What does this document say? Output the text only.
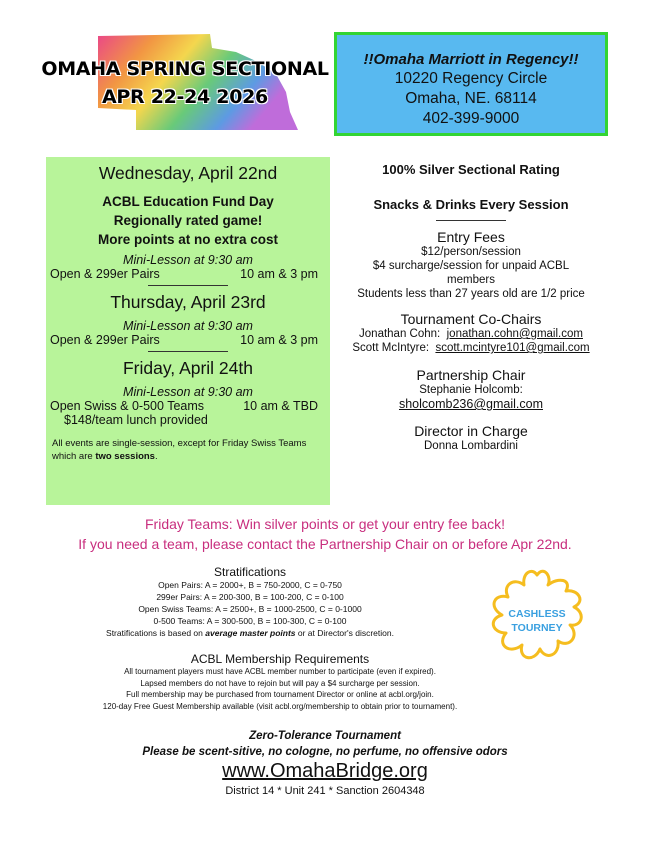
OMAHA SPRING SECTIONAL
APR 22-24 2026
!!Omaha Marriott in Regency!!
10220 Regency Circle
Omaha, NE. 68114
402-399-9000
Wednesday, April 22nd
ACBL Education Fund Day
Regionally rated game!
More points at no extra cost
Mini-Lesson at 9:30 am
Open & 299er Pairs	10 am & 3 pm
Thursday, April 23rd
Mini-Lesson at 9:30 am
Open & 299er Pairs	10 am & 3 pm
Friday, April 24th
Mini-Lesson at 9:30 am
Open Swiss & 0-500 Teams	10 am & TBD
$148/team lunch provided
All events are single-session, except for Friday Swiss Teams which are two sessions.
100% Silver Sectional Rating
Snacks & Drinks Every Session
Entry Fees
$12/person/session
$4 surcharge/session for unpaid ACBL members
Students less than 27 years old are 1/2 price
Tournament Co-Chairs
Jonathan Cohn: jonathan.cohn@gmail.com
Scott McIntyre: scott.mcintyre101@gmail.com
Partnership Chair
Stephanie Holcomb:
sholcomb236@gmail.com
Director in Charge
Donna Lombardini
Friday Teams: Win silver points or get your entry fee back!
If you need a team, please contact the Partnership Chair on or before Apr 22nd.
Stratifications
Open Pairs: A = 2000+, B = 750-2000, C = 0-750
299er Pairs: A = 200-300, B = 100-200, C = 0-100
Open Swiss Teams: A = 2500+, B = 1000-2500, C = 0-1000
0-500 Teams: A = 300-500, B = 100-300, C = 0-100
Stratifications is based on average master points or at Director's discretion.
CASHLESS
TOURNEY
ACBL Membership Requirements
All tournament players must have ACBL member number to participate (even if expired).
Lapsed members do not have to rejoin but will pay a $4 surcharge per session.
Full membership may be purchased from tournament Director or online at acbl.org/join.
120-day Free Guest Membership available (visit acbl.org/membership to obtain prior to tournament).
Zero-Tolerance Tournament
Please be scent-sitive, no cologne, no perfume, no offensive odors
www.OmahaBridge.org
District 14 * Unit 241 * Sanction 2604348
